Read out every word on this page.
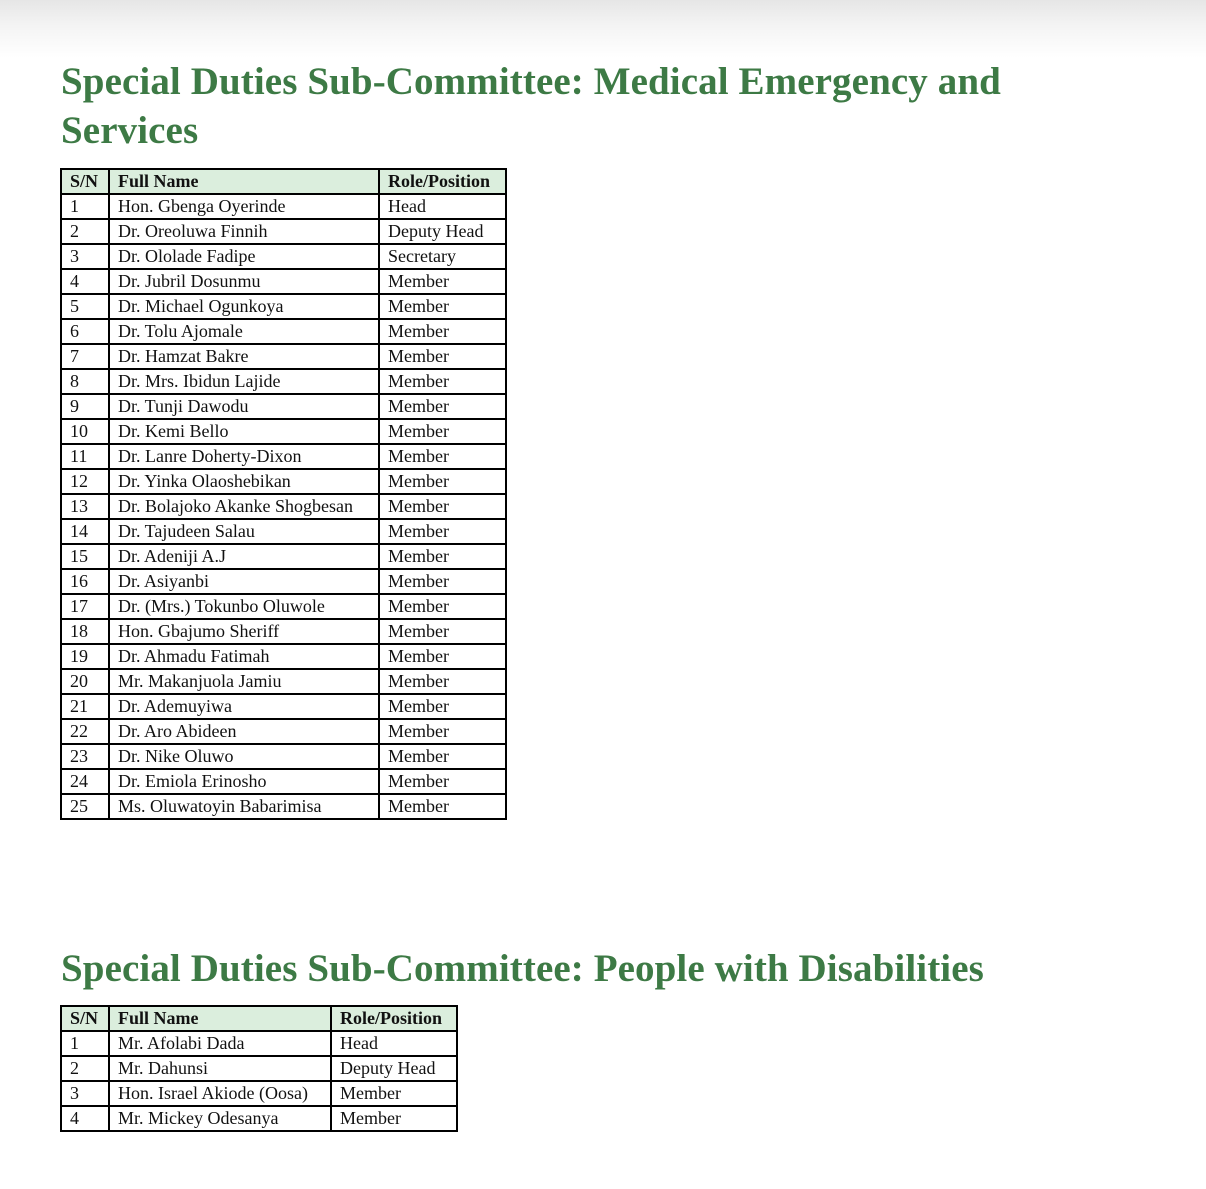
Special Duties Sub-Committee: Medical Emergency and Services
S/N	Full Name	Role/Position
1	Hon. Gbenga Oyerinde	Head
2	Dr. Oreoluwa Finnih	Deputy Head
3	Dr. Ololade Fadipe	Secretary
4	Dr. Jubril Dosunmu	Member
5	Dr. Michael Ogunkoya	Member
6	Dr. Tolu Ajomale	Member
7	Dr. Hamzat Bakre	Member
8	Dr. Mrs. Ibidun Lajide	Member
9	Dr. Tunji Dawodu	Member
10	Dr. Kemi Bello	Member
11	Dr. Lanre Doherty-Dixon	Member
12	Dr. Yinka Olaoshebikan	Member
13	Dr. Bolajoko Akanke Shogbesan	Member
14	Dr. Tajudeen Salau	Member
15	Dr. Adeniji A.J	Member
16	Dr. Asiyanbi	Member
17	Dr. (Mrs.) Tokunbo Oluwole	Member
18	Hon. Gbajumo Sheriff	Member
19	Dr. Ahmadu Fatimah	Member
20	Mr. Makanjuola Jamiu	Member
21	Dr. Ademuyiwa	Member
22	Dr. Aro Abideen	Member
23	Dr. Nike Oluwo	Member
24	Dr. Emiola Erinosho	Member
25	Ms. Oluwatoyin Babarimisa	Member
Special Duties Sub-Committee: People with Disabilities
S/N	Full Name	Role/Position
1	Mr. Afolabi Dada	Head
2	Mr. Dahunsi	Deputy Head
3	Hon. Israel Akiode (Oosa)	Member
4	Mr. Mickey Odesanya	Member
